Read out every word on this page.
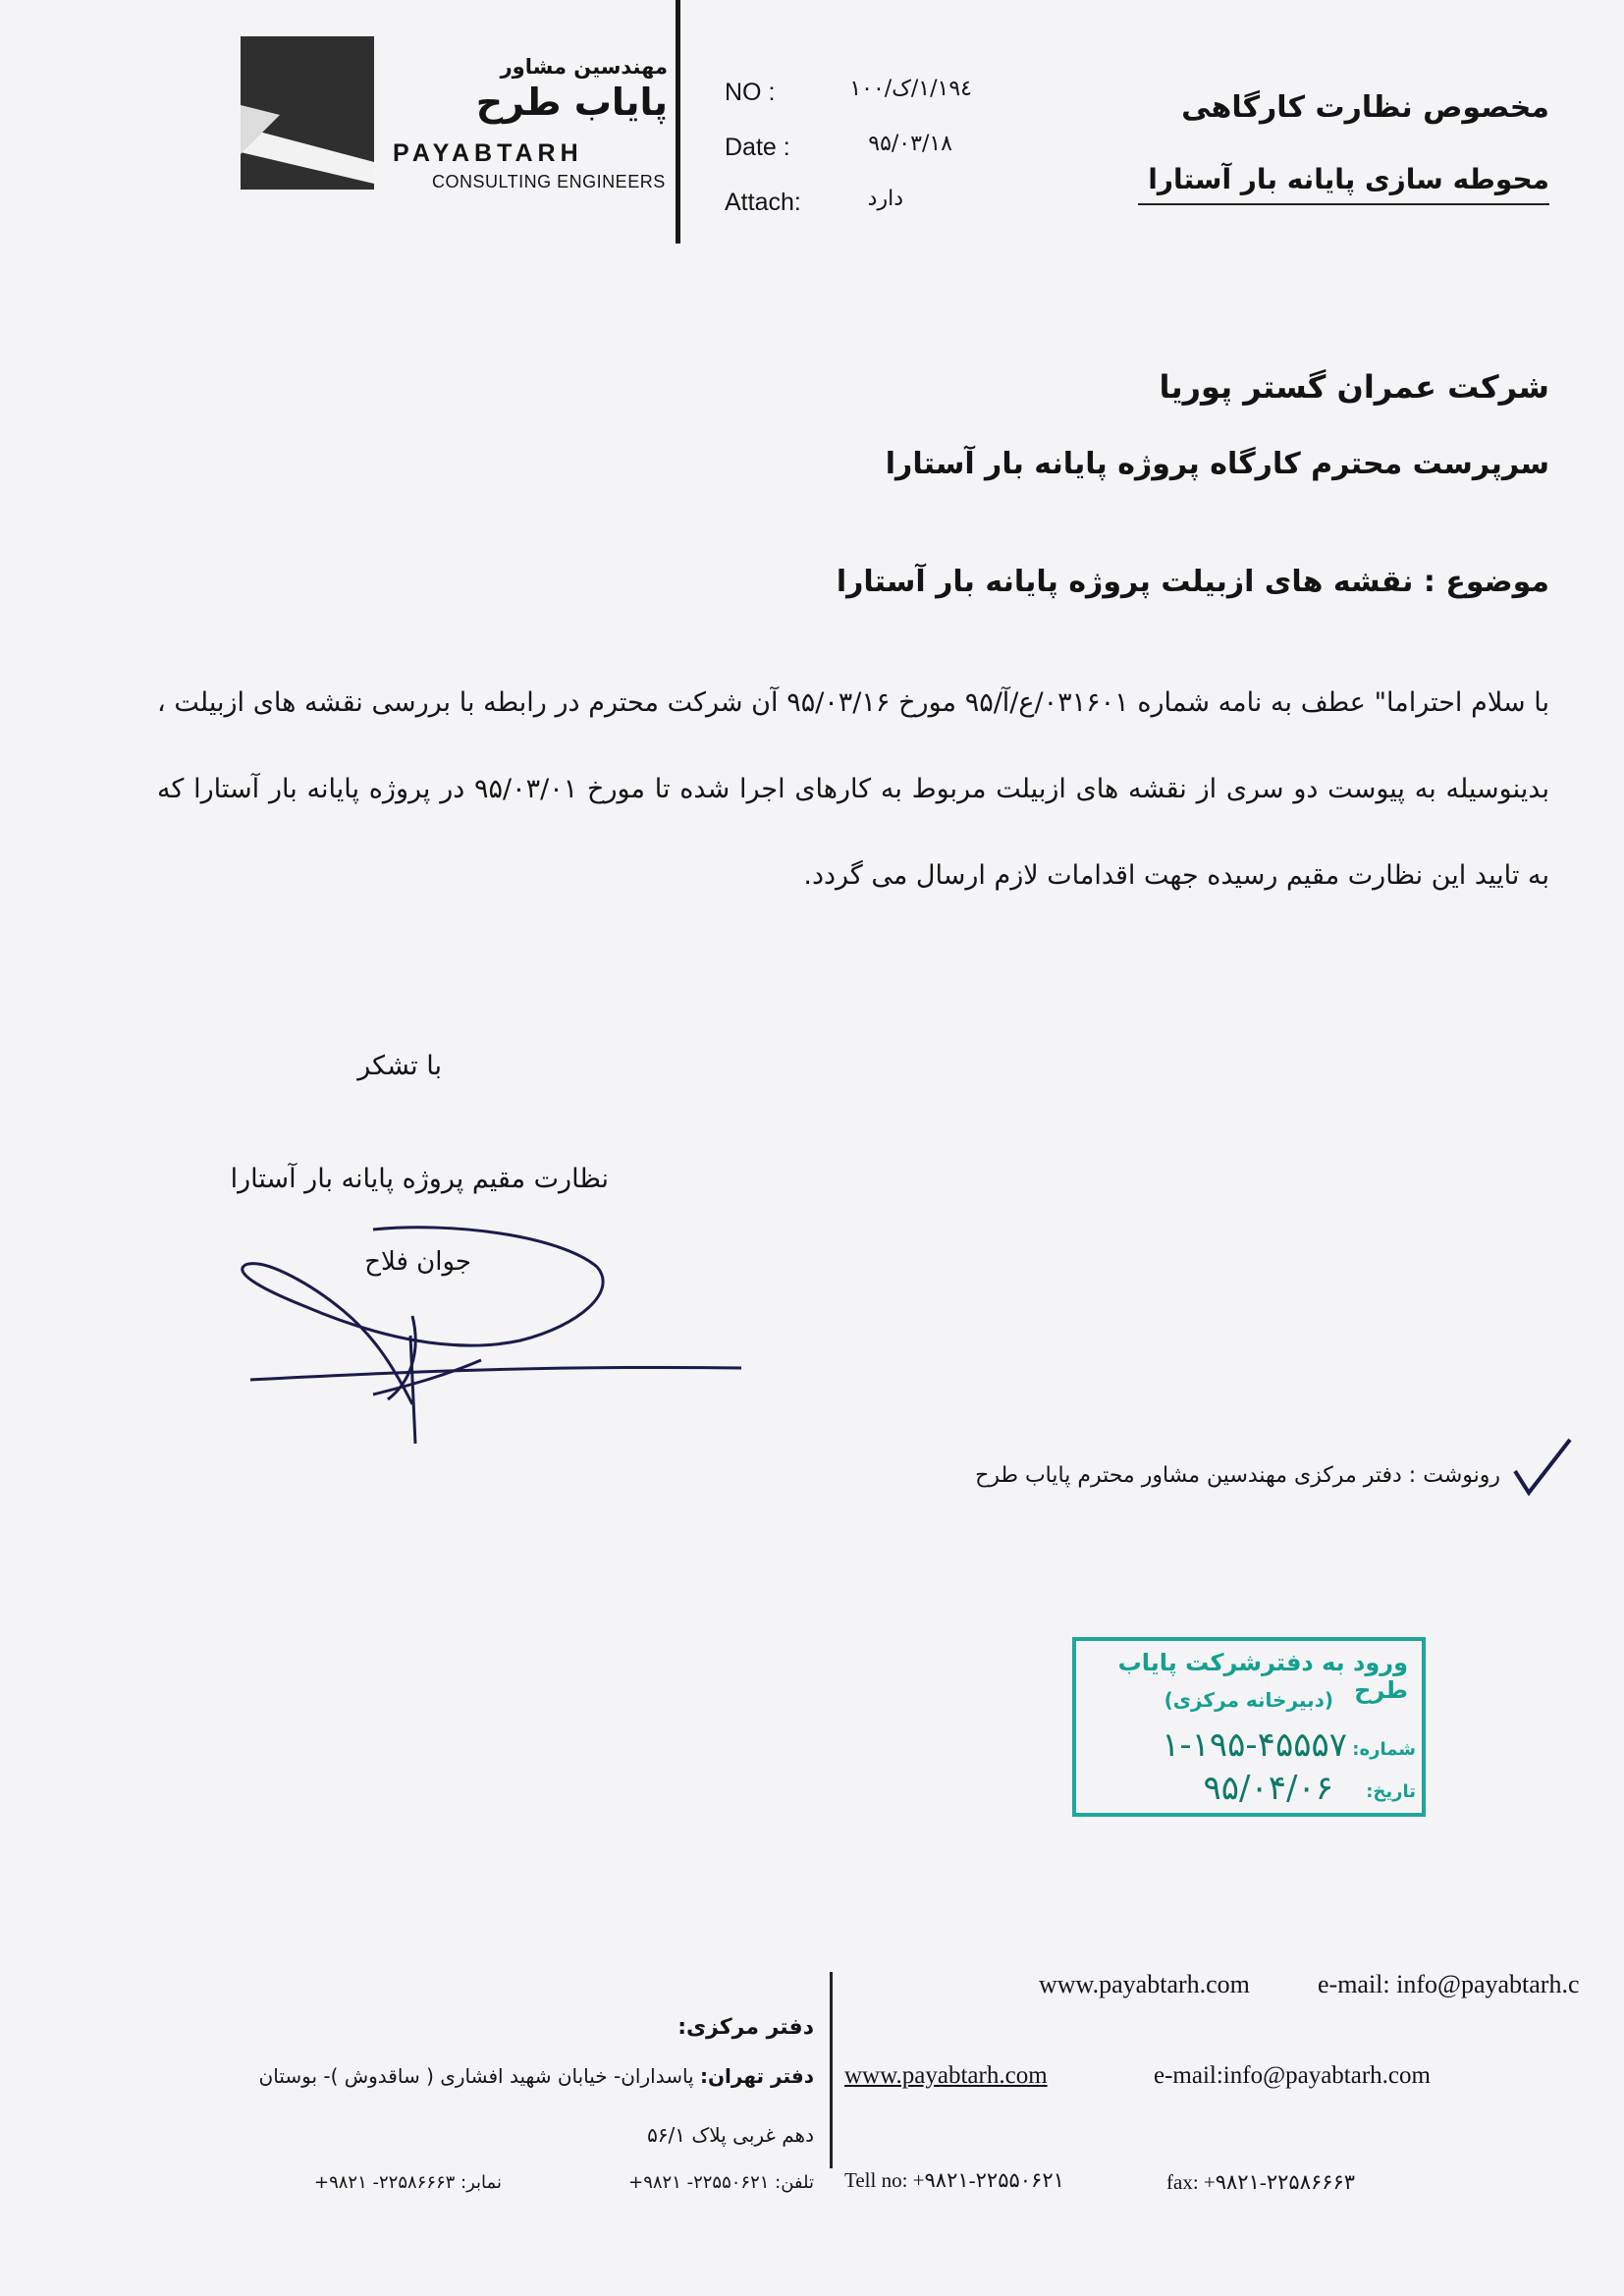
مهندسین مشاور
پایاب طرح
PAYABTARH
CONSULTING ENGINEERS
NO :	۱۹٤/۱/ک/۱۰۰
Date :	۹۵/۰۳/۱۸
Attach:	دارد
مخصوص نظارت کارگاهی
محوطه سازی پایانه بار آستارا
شرکت عمران گستر پوریا
سرپرست محترم کارگاه پروژه پایانه بار آستارا
موضوع : نقشه های ازبیلت پروژه پایانه بار آستارا
با سلام احتراما" عطف به نامه شماره ۰۳۱۶۰۱/ع/آ/۹۵ مورخ ۹۵/۰۳/۱۶ آن شرکت محترم در رابطه با بررسی نقشه های ازبیلت ، بدینوسیله به پیوست دو سری از نقشه های ازبیلت مربوط به کارهای اجرا شده تا مورخ ۹۵/۰۳/۰۱ در پروژه پایانه بار آستارا که به تایید این نظارت مقیم رسیده جهت اقدامات لازم ارسال می گردد.
با تشکر
نظارت مقیم پروژه پایانه بار آستارا
جوان فلاح
رونوشت : دفتر مرکزی مهندسین مشاور محترم پایاب طرح
ورود به دفترشرکت پایاب طرح
(دبیرخانه مرکزی)
شماره:
۱-۱۹۵-۴۵۵۵۷
تاریخ:
۹۵/۰۴/۰۶
www.payabtarh.com	e-mail: info@payabtarh.c
دفتر مرکزی:
دفتر تهران: پاسداران- خیابان شهید افشاری ( ساقدوش )- بوستان
دهم غربی پلاک ۵۶/۱
تلفن: ۲۲۵۵۰۶۲۱- ۹۸۲۱+
نمابر: ۲۲۵۸۶۶۶۳- ۹۸۲۱+
www.payabtarh.com	e-mail:info@payabtarh.com
Tell no: +۹۸۲۱-۲۲۵۵۰۶۲۱	fax: +۹۸۲۱-۲۲۵۸۶۶۶۳
